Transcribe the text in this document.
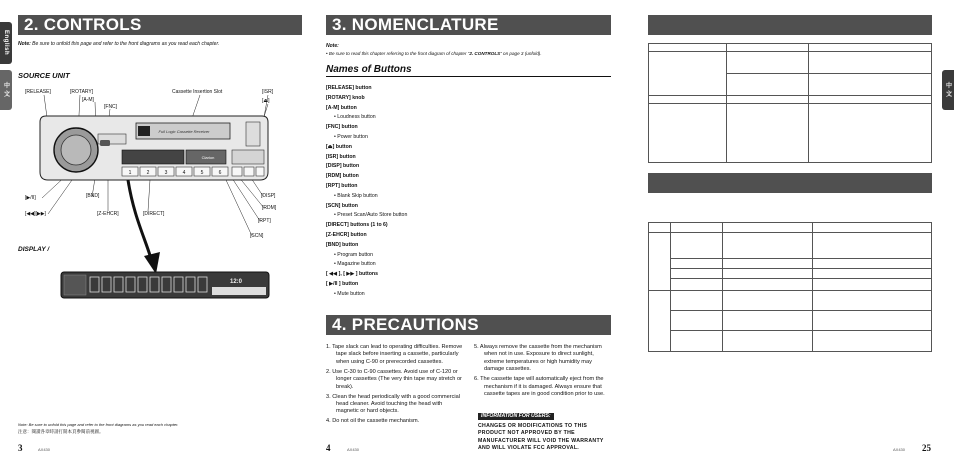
2. CONTROLS
English
中 文
Note: Be sure to unfold this page and refer to the front diagrams as you read each chapter.
SOURCE UNIT
[RELEASE]	[ROTARY]
[A-M]
[FNC]
Cassette Insertion Slot	[ISR]
[⏏]
[▶/II]
[◀◀][▶▶]
[BND]
[Z-EHCR]	[DIRECT]
[DISP]
[RDM]
[RPT]
[SCN]
Full Logic Cassette Receiver
Clarion
1	2	3	4	5	6
DISPLAY /
12:0
Note: Be sure to unfold this page and refer to the front diagrams as you read each chapter.
注意：閱讀各章時請打開本頁參閱前視圖。
3	AX430
3. NOMENCLATURE
Note:
• Be sure to read this chapter referring to the front diagram of chapter “2. CONTROLS” on page 3 (unfold).
Names of Buttons
[RELEASE] button
[ROTARY] knob
[A-M] button
• Loudness button
[FNC] button
• Power button
[⏏] button
[ISR] button
[DISP] button
[RDM] button
[RPT] button
• Blank Skip button
[SCN] button
• Preset Scan/Auto Store button
[DIRECT] buttons (1 to 6)
[Z-EHCR] button
[BND] button
• Program button
• Magazine button
[ ◀◀ ], [ ▶▶ ] buttons
[ ▶/II ] button
• Mute button
4. PRECAUTIONS
1. Tape slack can lead to operating difficulties. Remove tape slack before inserting a cassette, particularly when using C-90 or prerecorded cassettes.
2. Use C-30 to C-90 cassettes. Avoid use of C-120 or longer cassettes (The very thin tape may stretch or break).
3. Clean the head periodically with a good commercial head cleaner. Avoid touching the head with magnetic or hard objects.
4. Do not oil the cassette mechanism.
5. Always remove the cassette from the mechanism when not in use. Exposure to direct sunlight, extreme temperatures or high humidity may damage cassettes.
6. The cassette tape will automatically eject from the mechanism if it is damaged. Always ensure that cassette tapes are in good condition prior to use.
INFORMATION FOR USERS:
CHANGES OR MODIFICATIONS TO THIS PRODUCT NOT APPROVED BY THE MANUFACTURER WILL VOID THE WARRANTY AND WILL VIOLATE FCC APPROVAL.
4	AX430
中 文

AX430 25
